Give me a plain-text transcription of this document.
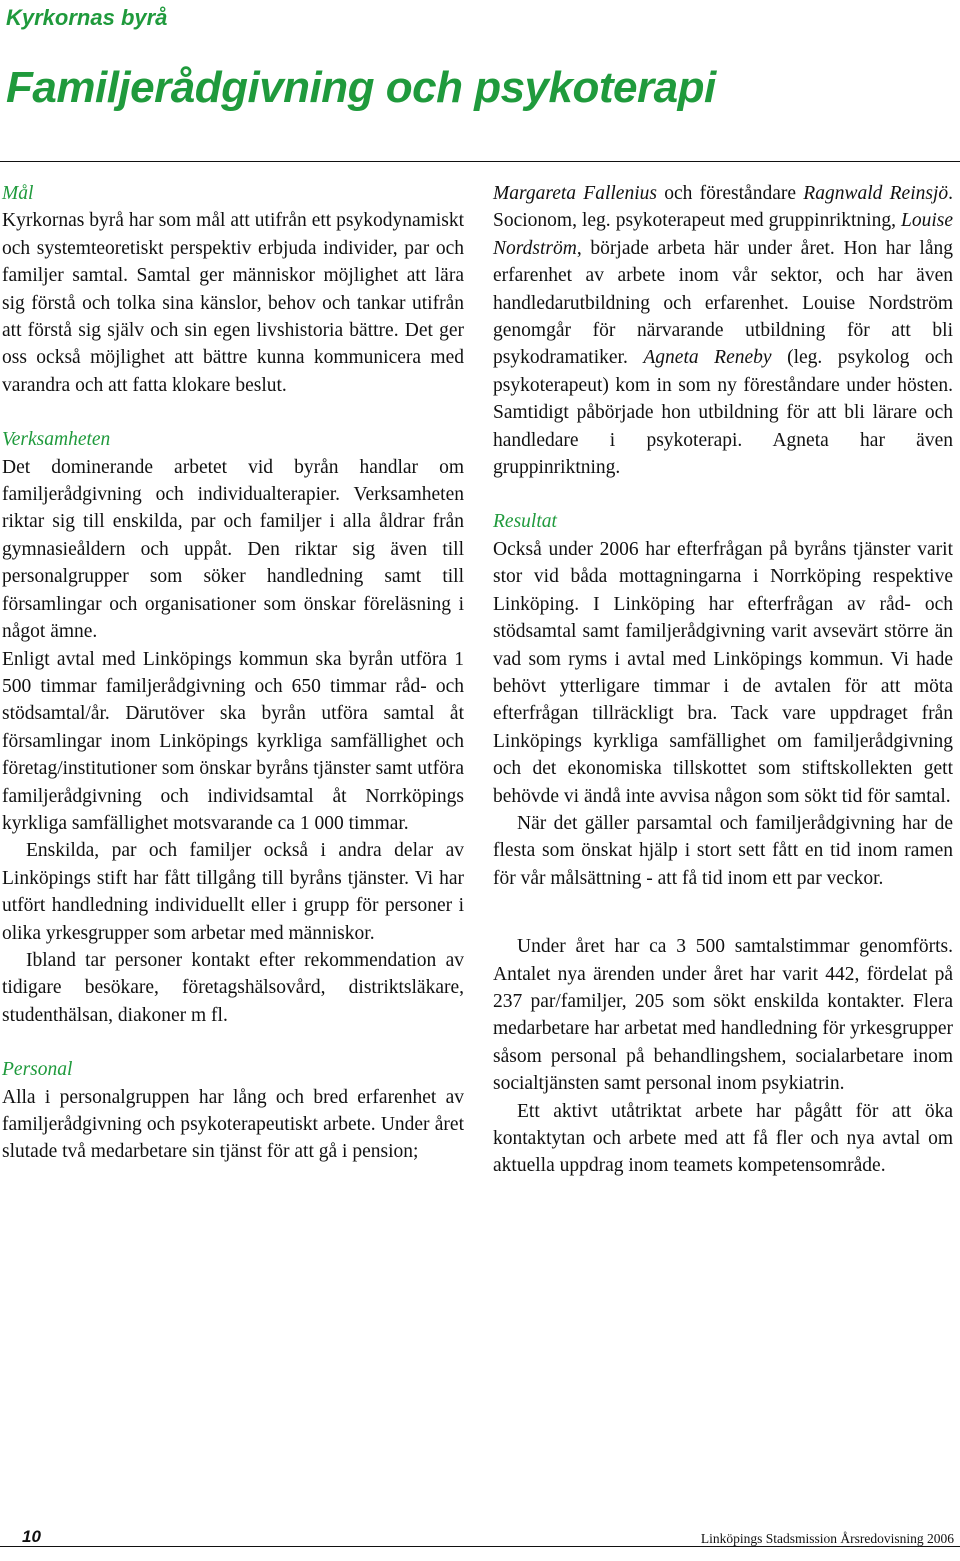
Kyrkornas byrå
Familjerådgivning och psykoterapi

Mål

Kyrkornas byrå har som mål att utifrån ett psykodynamiskt och systemteoretiskt perspektiv erbjuda individer, par och familjer samtal. Samtal ger människor möjlighet att lära sig förstå och tolka sina känslor, behov och tankar utifrån att förstå sig själv och sin egen livshistoria bättre. Det ger oss också möjlighet att bättre kunna kommunicera med varandra och att fatta klokare beslut.

Verksamheten

Det dominerande arbetet vid byrån handlar om familjerådgivning och individualterapier. Verksamheten riktar sig till enskilda, par och familjer i alla åldrar från gymnasieåldern och uppåt. Den riktar sig även till personalgrupper som söker handledning samt till församlingar och organisationer som önskar föreläsning i något ämne.

Enligt avtal med Linköpings kommun ska byrån utföra 1 500 timmar familjerådgivning och 650 timmar råd- och stödsamtal/år. Därutöver ska byrån utföra samtal åt församlingar inom Linköpings kyrkliga samfällighet och företag/institutioner som önskar byråns tjänster samt utföra familjerådgivning och individsamtal åt Norrköpings kyrkliga samfällighet motsvarande ca 1 000 timmar.

Enskilda, par och familjer också i andra delar av Linköpings stift har fått tillgång till byråns tjänster. Vi har utfört handledning individuellt eller i grupp för personer i olika yrkesgrupper som arbetar med människor.

Ibland tar personer kontakt efter rekommendation av tidigare besökare, företagshälsovård, distriktsläkare, studenthälsan, diakoner m fl.

Personal

Alla i personalgruppen har lång och bred erfarenhet av familjerådgivning och psykoterapeutiskt arbete. Under året slutade två medarbetare sin tjänst för att gå i pension;

Margareta Fallenius och föreståndare Ragnwald Reinsjö. Socionom, leg. psykoterapeut med gruppinriktning, Louise Nordström, började arbeta här under året. Hon har lång erfarenhet av arbete inom vår sektor, och har även handledarutbildning och erfarenhet. Louise Nordström genomgår för närvarande utbildning för att bli psykodramatiker. Agneta Reneby (leg. psykolog och psykoterapeut) kom in som ny föreståndare under hösten. Samtidigt påbörjade hon utbildning för att bli lärare och handledare i psykoterapi. Agneta har även gruppinriktning.

Resultat

Också under 2006 har efterfrågan på byråns tjänster varit stor vid båda mottagningarna i Norrköping respektive Linköping. I Linköping har efterfrågan av råd- och stödsamtal samt familjerådgivning varit avsevärt större än vad som ryms i avtal med Linköpings kommun. Vi hade behövt ytterligare timmar i de avtalen för att möta efterfrågan tillräckligt bra. Tack vare uppdraget från Linköpings kyrkliga samfällighet om familjerådgivning och det ekonomiska tillskottet som stiftskollekten gett behövde vi ändå inte avvisa någon som sökt tid för samtal.

När det gäller parsamtal och familjerådgivning har de flesta som önskat hjälp i stort sett fått en tid inom ramen för vår målsättning - att få tid inom ett par veckor.

Under året har ca 3 500 samtalstimmar genomförts. Antalet nya ärenden under året har varit 442, fördelat på 237 par/familjer, 205 som sökt enskilda kontakter. Flera medarbetare har arbetat med handledning för yrkesgrupper såsom personal på behandlingshem, socialarbetare inom socialtjänsten samt personal inom psykiatrin.

Ett aktivt utåtriktat arbete har pågått för att öka kontaktytan och arbete med att få fler och nya avtal om aktuella uppdrag inom teamets kompetensområde.

10	Linköpings Stadsmission Årsredovisning 2006
